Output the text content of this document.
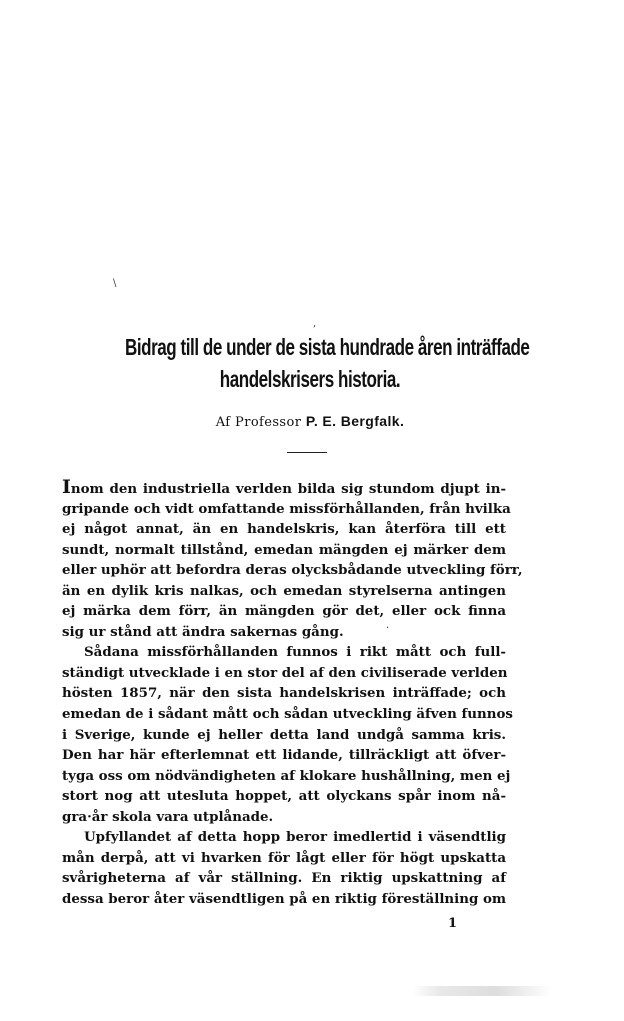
\
,
Bidrag till de under de sista hundrade åren inträffade
handelskrisers historia.
Af Professor P. E. Bergfalk.
Inom den industriella verlden bilda sig stundom djupt in-
gripande och vidt omfattande missförhållanden, från hvilka
ej något annat, än en handelskris, kan återföra till ett
sundt, normalt tillstånd, emedan mängden ej märker dem
eller uphör att befordra deras olycksbådande utveckling förr,
än en dylik kris nalkas, och emedan styrelserna antingen
ej märka dem förr, än mängden gör det, eller ock finna
sig ur stånd att ändra sakernas gång.
Sådana missförhållanden funnos i rikt mått och full-
ständigt utvecklade i en stor del af den civiliserade verlden
hösten 1857, när den sista handelskrisen inträffade; och
emedan de i sådant mått och sådan utveckling äfven funnos
i Sverige, kunde ej heller detta land undgå samma kris.
Den har här efterlemnat ett lidande, tillräckligt att öfver-
tyga oss om nödvändigheten af klokare hushållning, men ej
stort nog att utesluta hoppet, att olyckans spår inom nå-
gra·år skola vara utplånade.
Upfyllandet af detta hopp beror imedlertid i väsendtlig
mån derpå, att vi hvarken för lågt eller för högt upskatta
svårigheterna af vår ställning. En riktig upskattning af
dessa beror åter väsendtligen på en riktig föreställning om
·
1
